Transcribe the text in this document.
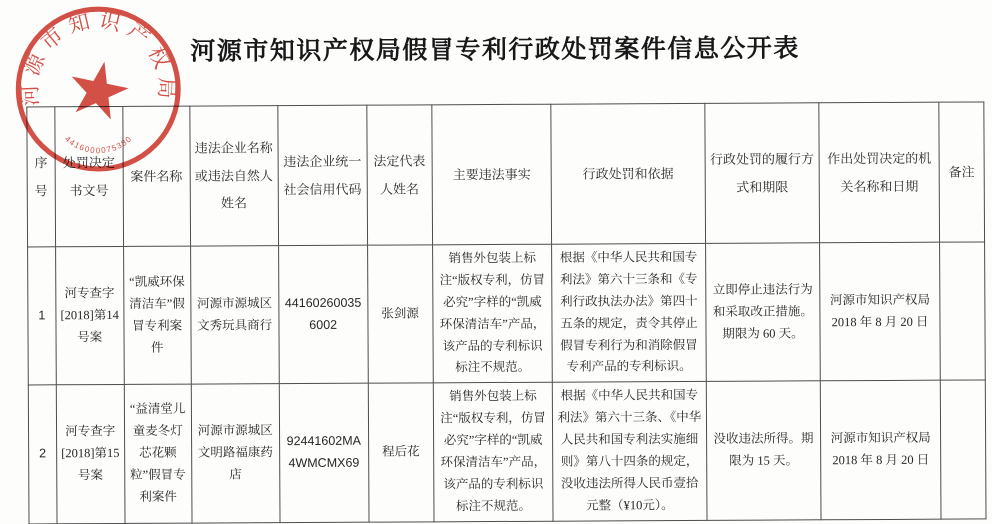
河源市知识产权局假冒专利行政处罚案件信息公开表
序号	处罚决定书文号	案件名称	违法企业名称或违法自然人姓名	违法企业统一社会信用代码	法定代表人姓名	主要违法事实	行政处罚和依据	行政处罚的履行方式和期限	作出处罚决定的机关名称和日期	备注
1	河专查字[2018]第14 号案	“凯威环保清洁车”假冒专利案件	河源市源城区文秀玩具商行	441602600356002	张剑源	销售外包装上标注“版权专利，仿冒必究”字样的“凯威环保清洁车”产品，该产品的专利标识标注不规范。	根据《中华人民共和国专利法》第六十三条和《专利行政执法办法》第四十五条的规定，责令其停止假冒专利行为和消除假冒专利产品的专利标识。	立即停止违法行为和采取改正措施。期限为 60 天。	河源市知识产权局
2018 年 8 月 20 日	

2	河专查字[2018]第15 号案	“益清堂儿童麦冬灯芯花颗粒”假冒专利案件	河源市源城区文明路福康药店	92441602MA4WMCMX69	程后花	销售外包装上标注“版权专利，仿冒必究”字样的“凯威环保清洁车”产品，该产品的专利标识标注不规范。	根据《中华人民共和国专利法》第六十三条、《中华人民共和国专利法实施细则》第八十四条的规定，没收违法所得人民币壹拾元整（¥10元）。	没收违法所得。期限为 15 天。	河源市知识产权局
2018 年 8 月 20 日	

河源市知识产权局
4416000075380
